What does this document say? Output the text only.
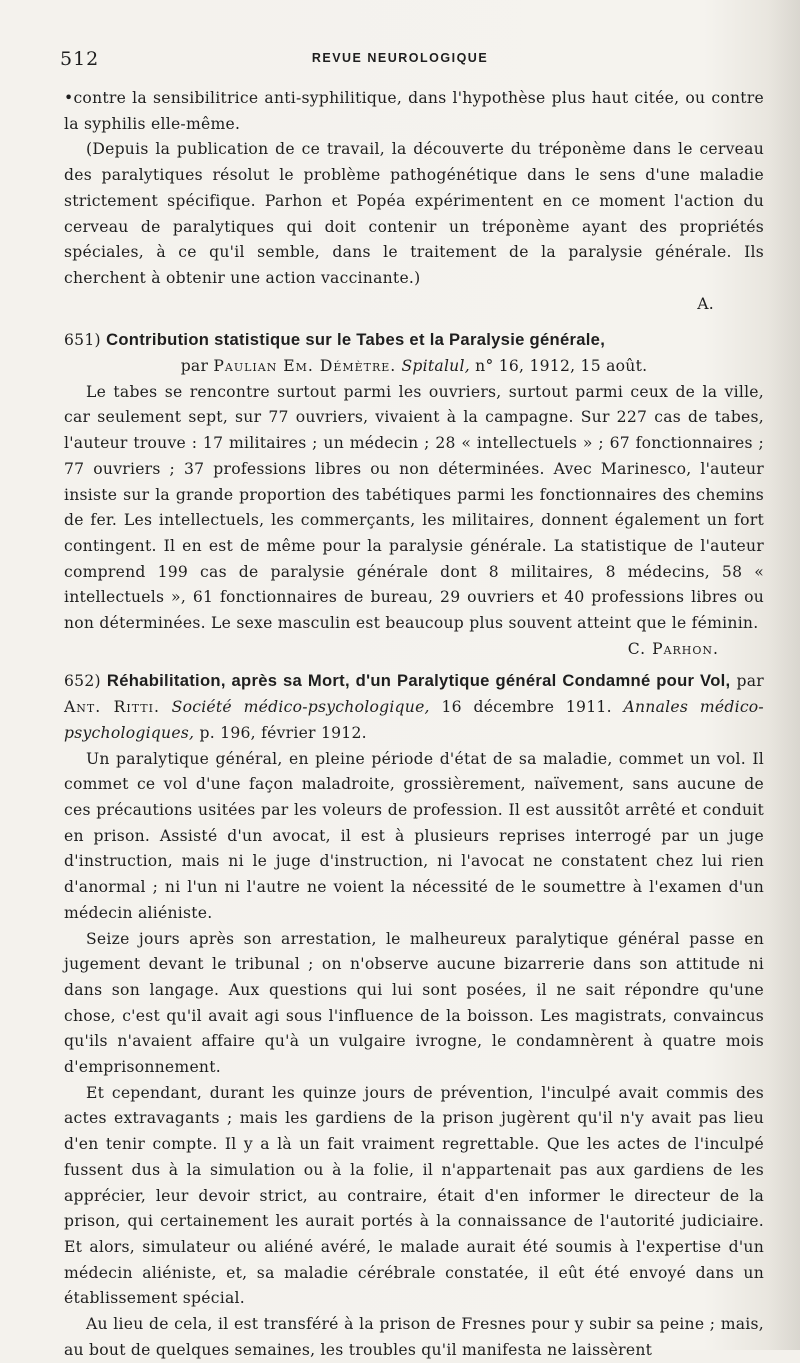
512	REVUE NEUROLOGIQUE

•contre la sensibilitrice anti-syphilitique, dans l'hypothèse plus haut citée, ou contre la syphilis elle-même.

(Depuis la publication de ce travail, la découverte du tréponème dans le cerveau des paralytiques résolut le problème pathogénétique dans le sens d'une maladie strictement spécifique. Parhon et Popéa expérimentent en ce moment l'action du cerveau de paralytiques qui doit contenir un tréponème ayant des propriétés spéciales, à ce qu'il semble, dans le traitement de la paralysie générale. Ils cherchent à obtenir une action vaccinante.)

A.

651) Contribution statistique sur le Tabes et la Paralysie générale,

par Paulian Em. Démètre. Spitalul, n° 16, 1912, 15 août.

Le tabes se rencontre surtout parmi les ouvriers, surtout parmi ceux de la ville, car seulement sept, sur 77 ouvriers, vivaient à la campagne. Sur 227 cas de tabes, l'auteur trouve : 17 militaires ; un médecin ; 28 « intellectuels » ; 67 fonctionnaires ; 77 ouvriers ; 37 professions libres ou non déterminées. Avec Marinesco, l'auteur insiste sur la grande proportion des tabétiques parmi les fonctionnaires des chemins de fer. Les intellectuels, les commerçants, les militaires, donnent également un fort contingent. Il en est de même pour la paralysie générale. La statistique de l'auteur comprend 199 cas de paralysie générale dont 8 militaires, 8 médecins, 58 « intellectuels », 61 fonctionnaires de bureau, 29 ouvriers et 40 professions libres ou non déterminées. Le sexe masculin est beaucoup plus souvent atteint que le féminin.

C. Parhon.

652) Réhabilitation, après sa Mort, d'un Paralytique général Condamné pour Vol, par Ant. Ritti. Société médico-psychologique, 16 décembre 1911. Annales médico-psychologiques, p. 196, février 1912.

Un paralytique général, en pleine période d'état de sa maladie, commet un vol. Il commet ce vol d'une façon maladroite, grossièrement, naïvement, sans aucune de ces précautions usitées par les voleurs de profession. Il est aussitôt arrêté et conduit en prison. Assisté d'un avocat, il est à plusieurs reprises interrogé par un juge d'instruction, mais ni le juge d'instruction, ni l'avocat ne constatent chez lui rien d'anormal ; ni l'un ni l'autre ne voient la nécessité de le soumettre à l'examen d'un médecin aliéniste.

Seize jours après son arrestation, le malheureux paralytique général passe en jugement devant le tribunal ; on n'observe aucune bizarrerie dans son attitude ni dans son langage. Aux questions qui lui sont posées, il ne sait répondre qu'une chose, c'est qu'il avait agi sous l'influence de la boisson. Les magistrats, convaincus qu'ils n'avaient affaire qu'à un vulgaire ivrogne, le condamnèrent à quatre mois d'emprisonnement.

Et cependant, durant les quinze jours de prévention, l'inculpé avait commis des actes extravagants ; mais les gardiens de la prison jugèrent qu'il n'y avait pas lieu d'en tenir compte. Il y a là un fait vraiment regrettable. Que les actes de l'inculpé fussent dus à la simulation ou à la folie, il n'appartenait pas aux gardiens de les apprécier, leur devoir strict, au contraire, était d'en informer le directeur de la prison, qui certainement les aurait portés à la connaissance de l'autorité judiciaire. Et alors, simulateur ou aliéné avéré, le malade aurait été soumis à l'expertise d'un médecin aliéniste, et, sa maladie cérébrale constatée, il eût été envoyé dans un établissement spécial.

Au lieu de cela, il est transféré à la prison de Fresnes pour y subir sa peine ; mais, au bout de quelques semaines, les troubles qu'il manifesta ne laissèrent
